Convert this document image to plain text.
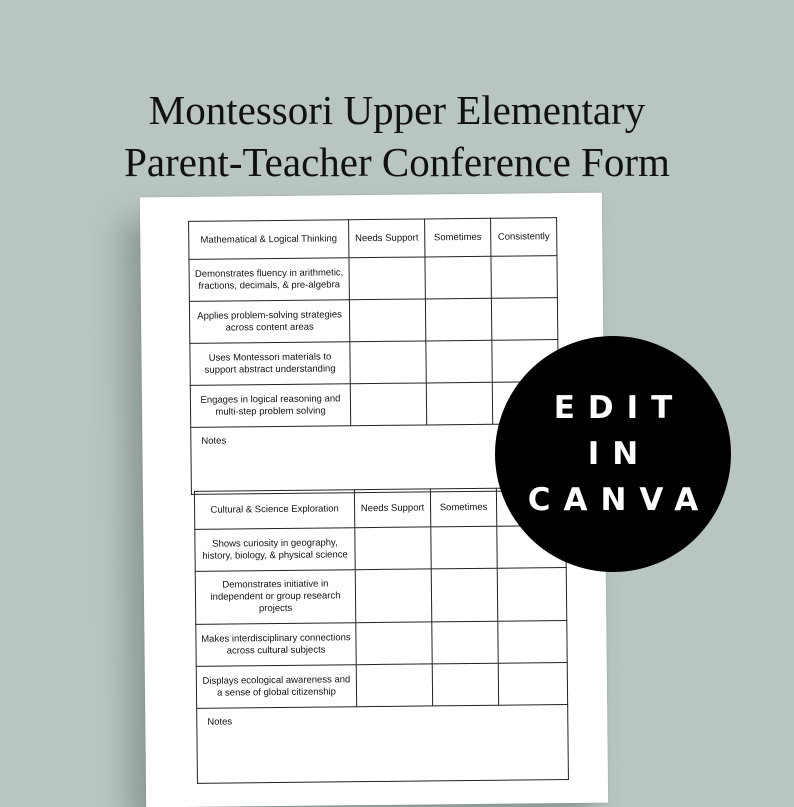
Montessori Upper Elementary
Parent-Teacher Conference Form
Mathematical & Logical Thinking	Needs Support	Sometimes	Consistently
Demonstrates fluency in arithmetic, fractions, decimals, & pre-algebra			
Applies problem-solving strategies across content areas			
Uses Montessori materials to support abstract understanding			
Engages in logical reasoning and multi-step problem solving			
Notes			
Cultural & Science Exploration	Needs Support	Sometimes	
Shows curiosity in geography, history, biology, & physical science			
Demonstrates initiative in independent or group research projects			
Makes interdisciplinary connections across cultural subjects			
Displays ecological awareness and a sense of global citizenship			
Notes			
EDIT
IN
CANVA
